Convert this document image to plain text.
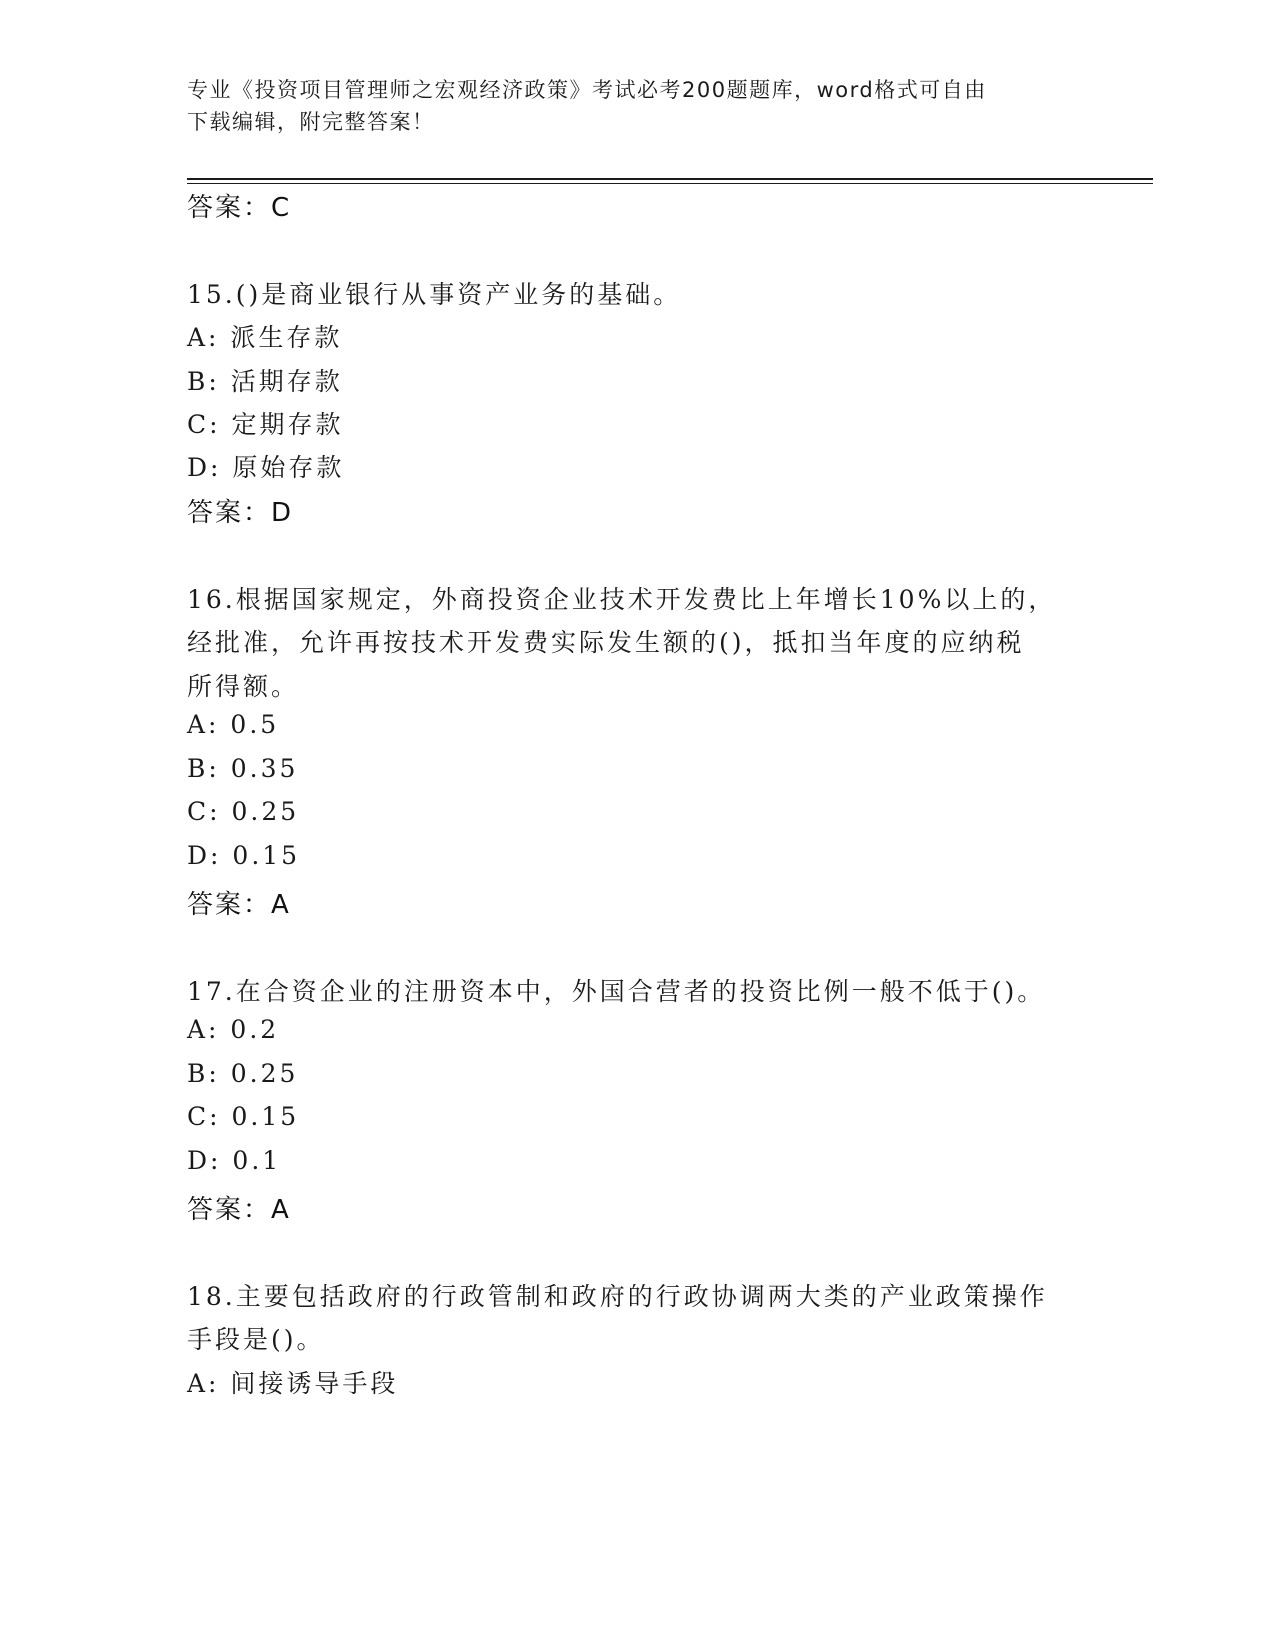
专业《投资项目管理师之宏观经济政策》考试必考200题题库，word格式可自由
下载编辑，附完整答案！
答案：C
15.()是商业银行从事资产业务的基础。
A: 派生存款
B: 活期存款
C: 定期存款
D: 原始存款
答案：D
16.根据国家规定，外商投资企业技术开发费比上年增长10%以上的，
经批准，允许再按技术开发费实际发生额的()，抵扣当年度的应纳税
所得额。
A: 0.5
B: 0.35
C: 0.25
D: 0.15
答案：A
17.在合资企业的注册资本中，外国合营者的投资比例一般不低于()。
A: 0.2
B: 0.25
C: 0.15
D: 0.1
答案：A
18.主要包括政府的行政管制和政府的行政协调两大类的产业政策操作
手段是()。
A: 间接诱导手段
